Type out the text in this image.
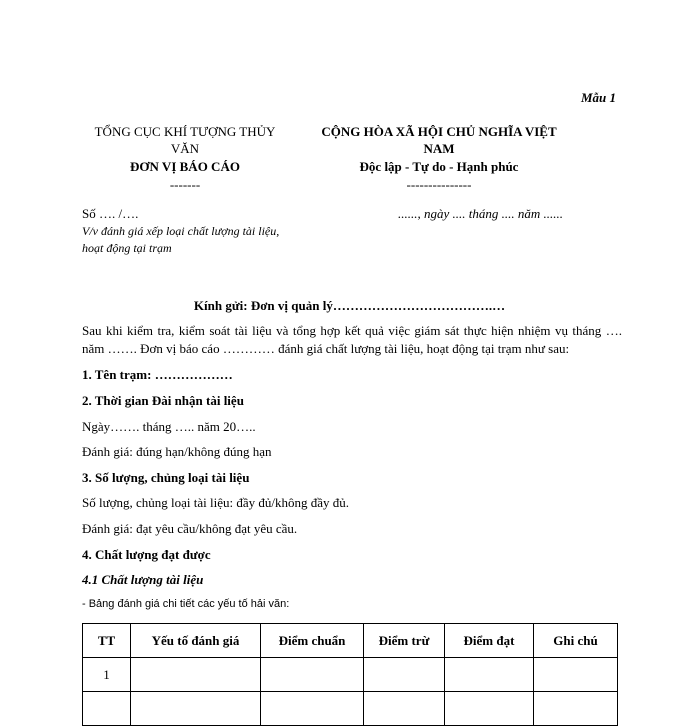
Mẫu 1
TỔNG CỤC KHÍ TƯỢNG THỦY VĂN
ĐƠN VỊ BÁO CÁO
-------
CỘNG HÒA XÃ HỘI CHỦ NGHĨA VIỆT NAM
Độc lập - Tự do - Hạnh phúc
---------------
Số …. /….
V/v đánh giá xếp loại chất lượng tài liệu, hoạt động tại trạm
......, ngày .... tháng .... năm ......
Kính gửi: Đơn vị quản lý……………………………….…
Sau khi kiểm tra, kiểm soát tài liệu và tổng hợp kết quả việc giám sát thực hiện nhiệm vụ tháng …. năm ……. Đơn vị báo cáo ………… đánh giá chất lượng tài liệu, hoạt động tại trạm như sau:
1. Tên trạm: ………………
2. Thời gian Đài nhận tài liệu
Ngày……. tháng ….. năm 20…..
Đánh giá: đúng hạn/không đúng hạn
3. Số lượng, chủng loại tài liệu
Số lượng, chủng loại tài liệu: đầy đủ/không đầy đủ.
Đánh giá: đạt yêu cầu/không đạt yêu cầu.
4. Chất lượng đạt được
4.1 Chất lượng tài liệu
- Bảng đánh giá chi tiết các yếu tố hải văn:
TT	Yếu tố đánh giá	Điểm chuẩn	Điểm trừ	Điểm đạt	Ghi chú
1					
